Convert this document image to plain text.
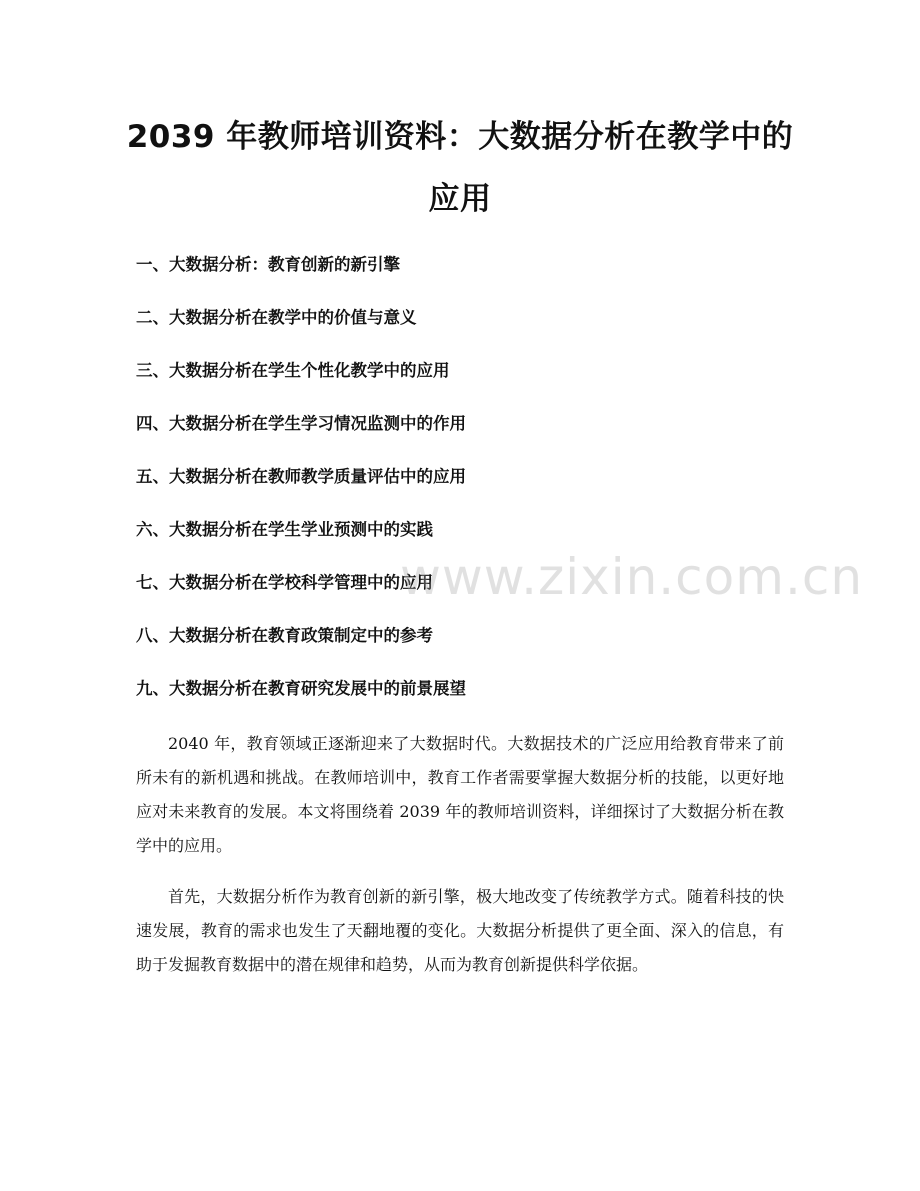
2039 年教师培训资料：大数据分析在教学中的应用
一、大数据分析：教育创新的新引擎
二、大数据分析在教学中的价值与意义
三、大数据分析在学生个性化教学中的应用
四、大数据分析在学生学习情况监测中的作用
五、大数据分析在教师教学质量评估中的应用
六、大数据分析在学生学业预测中的实践
七、大数据分析在学校科学管理中的应用
八、大数据分析在教育政策制定中的参考
九、大数据分析在教育研究发展中的前景展望

2040 年，教育领域正逐渐迎来了大数据时代。大数据技术的广泛应用给教育带来了前所未有的新机遇和挑战。在教师培训中，教育工作者需要掌握大数据分析的技能，以更好地应对未来教育的发展。本文将围绕着 2039 年的教师培训资料，详细探讨了大数据分析在教学中的应用。

首先，大数据分析作为教育创新的新引擎，极大地改变了传统教学方式。随着科技的快速发展，教育的需求也发生了天翻地覆的变化。大数据分析提供了更全面、深入的信息，有助于发掘教育数据中的潜在规律和趋势，从而为教育创新提供科学依据。

www.zixin.com.cn
